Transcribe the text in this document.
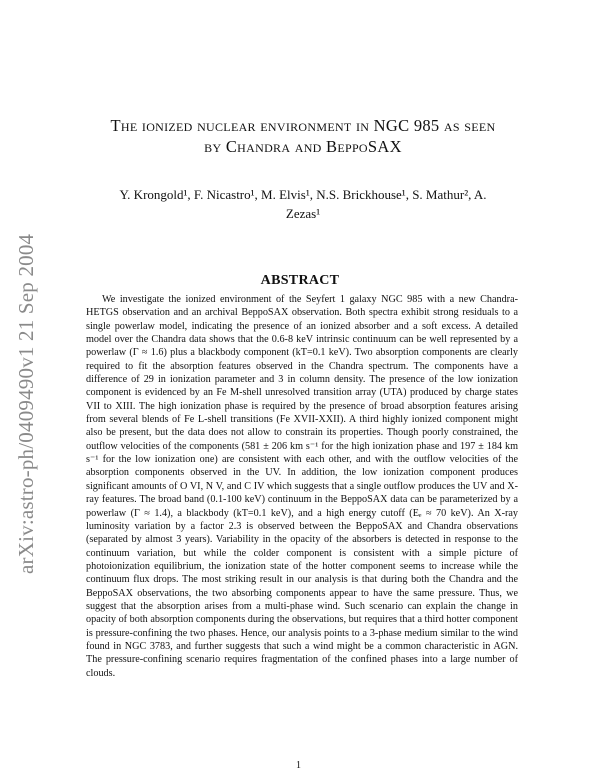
arXiv:astro-ph/0409490v1 21 Sep 2004
The ionized nuclear environment in NGC 985 as seen
by Chandra and BeppoSAX
Y. Krongold¹, F. Nicastro¹, M. Elvis¹, N.S. Brickhouse¹, S. Mathur², A.
Zezas¹
ABSTRACT
We investigate the ionized environment of the Seyfert 1 galaxy NGC 985 with a new Chandra-HETGS observation and an archival BeppoSAX observation. Both spectra exhibit strong residuals to a single powerlaw model, indicating the presence of an ionized absorber and a soft excess. A detailed model over the Chandra data shows that the 0.6-8 keV intrinsic continuum can be well represented by a powerlaw (Γ ≈ 1.6) plus a blackbody component (kT=0.1 keV). Two absorption components are clearly required to fit the absorption features observed in the Chandra spectrum. The components have a difference of 29 in ionization parameter and 3 in column density. The presence of the low ionization component is evidenced by an Fe M-shell unresolved transition array (UTA) produced by charge states VII to XIII. The high ionization phase is required by the presence of broad absorption features arising from several blends of Fe L-shell transitions (Fe XVII-XXII). A third highly ionized component might also be present, but the data does not allow to constrain its properties. Though poorly constrained, the outflow velocities of the components (581 ± 206 km s⁻¹ for the high ionization phase and 197 ± 184 km s⁻¹ for the low ionization one) are consistent with each other, and with the outflow velocities of the absorption components observed in the UV. In addition, the low ionization component produces significant amounts of O VI, N V, and C IV which suggests that a single outflow produces the UV and X-ray features. The broad band (0.1-100 keV) continuum in the BeppoSAX data can be parameterized by a powerlaw (Γ ≈ 1.4), a blackbody (kT=0.1 keV), and a high energy cutoff (Eₑ ≈ 70 keV). An X-ray luminosity variation by a factor 2.3 is observed between the BeppoSAX and Chandra observations (separated by almost 3 years). Variability in the opacity of the absorbers is detected in response to the continuum variation, but while the colder component is consistent with a simple picture of photoionization equilibrium, the ionization state of the hotter component seems to increase while the continuum flux drops. The most striking result in our analysis is that during both the Chandra and the BeppoSAX observations, the two absorbing components appear to have the same pressure. Thus, we suggest that the absorption arises from a multi-phase wind. Such scenario can explain the change in opacity of both absorption components during the observations, but requires that a third hotter component is pressure-confining the two phases. Hence, our analysis points to a 3-phase medium similar to the wind found in NGC 3783, and further suggests that such a wind might be a common characteristic in AGN. The pressure-confining scenario requires fragmentation of the confined phases into a large number of clouds.
1
